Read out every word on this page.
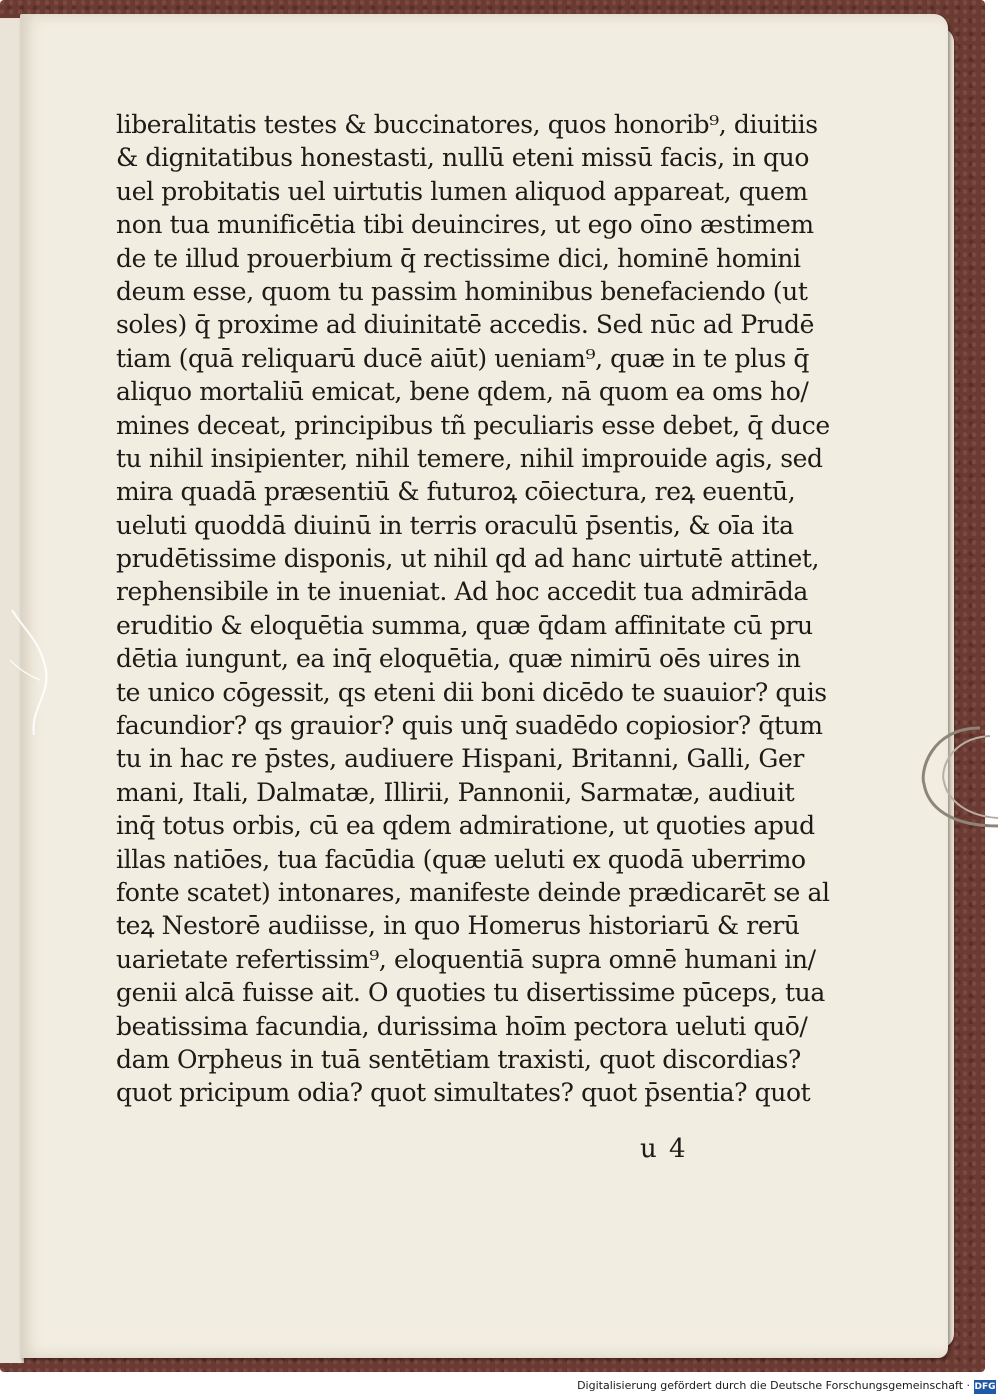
liberalitatis testes & buccinatores, quos honorib⁹, diuitiis
& dignitatibus honestasti, nullū eteni missū facis, in quo
uel probitatis uel uirtutis lumen aliquod appareat, quem
non tua munificētia tibi deuincires, ut ego oīno æstimem
de te illud prouerbium q̄ rectissime dici, hominē homini
deum esse, quom tu passim hominibus benefaciendo (ut
soles) q̄ proxime ad diuinitatē accedis. Sed nūc ad Prudē
tiam (quā reliquarū ducē aiūt) ueniam⁹, quæ in te plus q̄
aliquo mortaliū emicat, bene qdem, nā quom ea oms ho/
mines deceat, principibus tñ peculiaris esse debet, q̄ duce
tu nihil insipienter, nihil temere, nihil improuide agis, sed
mira quadā præsentiū & futuroꝝ cōiectura, reꝝ euentū,
ueluti quoddā diuinū in terris oraculū p̄sentis, & oīa ita
prudētissime disponis, ut nihil qd ad hanc uirtutē attinet,
rephensibile in te inueniat. Ad hoc accedit tua admirāda
eruditio & eloquētia summa, quæ q̄dam affinitate cū pru
dētia iungunt, ea inq̄ eloquētia, quæ nimirū oēs uires in
te unico cōgessit, qs eteni dii boni dicēdo te suauior? quis
facundior? qs grauior? quis unq̄ suadēdo copiosior? q̄tum
tu in hac re p̄stes, audiuere Hispani, Britanni, Galli, Ger
mani, Itali, Dalmatæ, Illirii, Pannonii, Sarmatæ, audiuit
inq̄ totus orbis, cū ea qdem admiratione, ut quoties apud
illas natiōes, tua facūdia (quæ ueluti ex quodā uberrimo
fonte scatet) intonares, manifeste deinde prædicarēt se al
teꝝ Nestorē audiisse, in quo Homerus historiarū & rerū
uarietate refertissim⁹, eloquentiā supra omnē humani in/
genii alcā fuisse ait. O quoties tu disertissime pūceps, tua
beatissima facundia, durissima hoīm pectora ueluti quō/
dam Orpheus in tuā sentētiam traxisti, quot discordias?
quot pricipum odia? quot simultates? quot p̄sentia? quot
u 4
Digitalisierung gefördert durch die Deutsche Forschungsgemeinschaft · DFG
